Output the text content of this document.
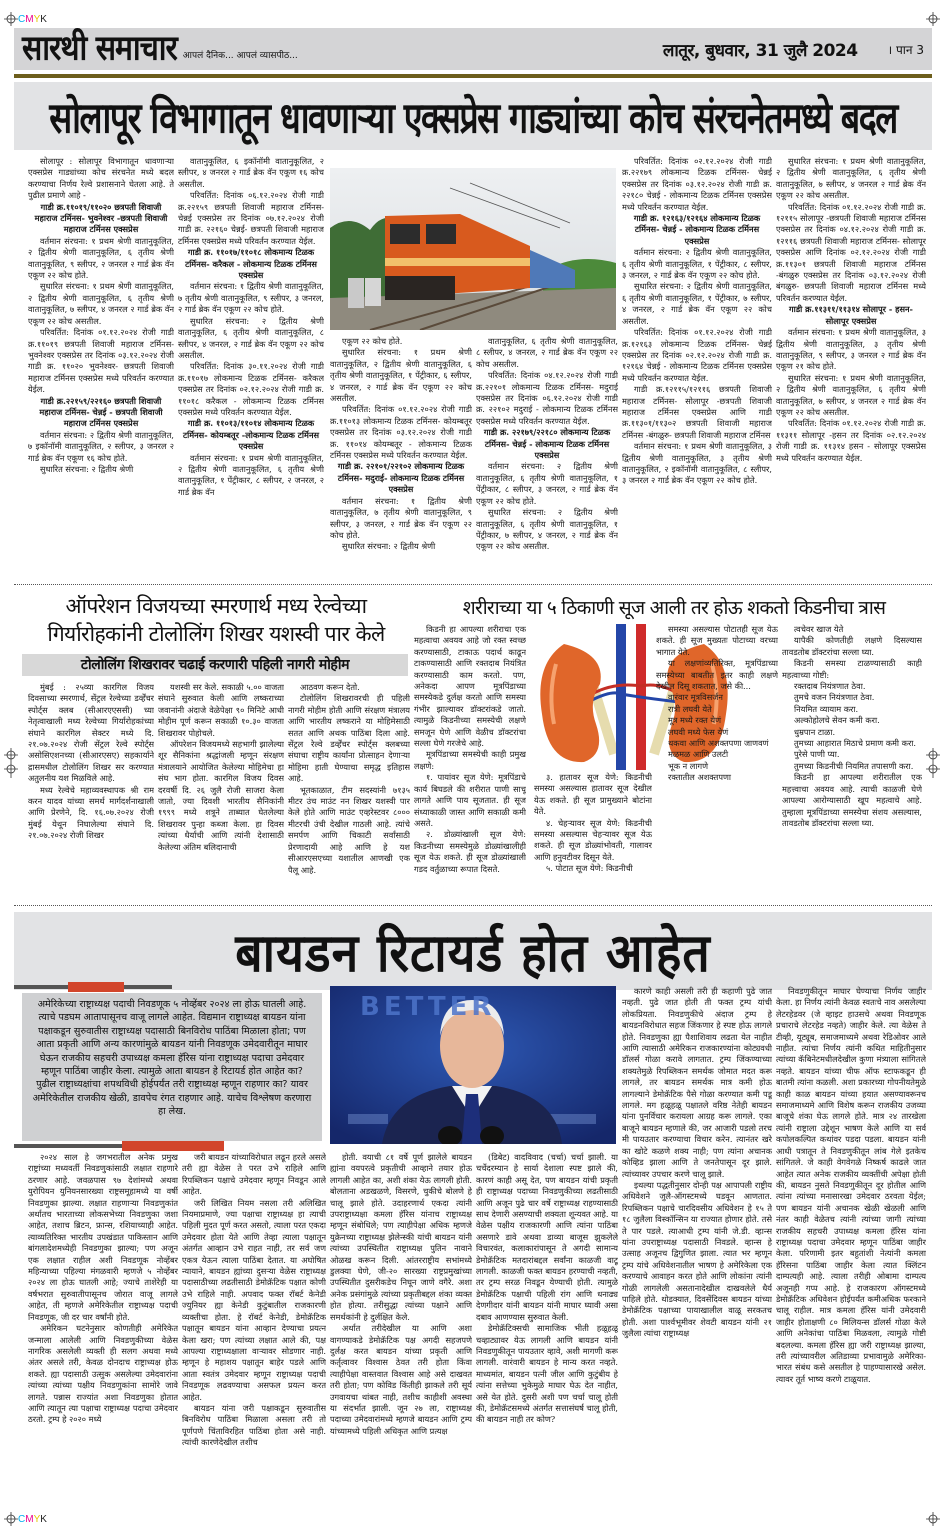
CMYK
CMYK
सारथी समाचार आपलं दैनिक... आपलं व्यासपीठ...	लातूर, बुधवार, 31 जुलै 2024	। पान 3
सोलापूर विभागातून धावणाऱ्या एक्सप्रेस गाड्यांच्या कोच संरचनेतमध्ये बदल

सोलापूर : सोलापूर विभागातून धावणाऱ्या एक्सप्रेस गाड्यांच्या कोच संरचनेत मध्ये बदल करण्याचा निर्णय रेल्वे प्रशासनाने घेतला आहे. ते पुढील प्रमाणे आहे -

गाडी क्र.११०१९/११०२० छत्रपती शिवाजी महाराज टर्मिनस- भुवनेश्वर -छत्रपती शिवाजी महाराज टर्मिनस एक्सप्रेस

वर्तमान संरचना: १ प्रथम श्रेणी वातानुकूलित, २ द्वितीय श्रेणी वातानुकूलित, ६ तृतीय श्रेणी वातानुकूलित, ९ स्लीपर, २ जनरल २ गार्ड ब्रेक वॅन एकूण २२ कोच होते.

सुधारित संरचना: १ प्रथम श्रेणी वातानुकूलित, २ द्वितीय श्रेणी वातानुकूलित, ६ तृतीय श्रेणी वातानुकूलित, ७ स्लीपर, ४ जनरल २ गार्ड ब्रेक वॅन एकूण २२ कोच असतील.

परिवर्तित: दिनांक ०१.१२.२०२४ रोजी गाडी क्र.११०१९ छत्रपती शिवाजी महाराज टर्मिनस- भुवनेश्वर एक्सप्रेस तर दिनांक ०३.१२.२०२४ रोजी गाडी क्र. ११०२० भुवनेश्वर- छत्रपती शिवाजी महाराज टर्मिनस एक्सप्रेस मध्ये परिवर्तन करण्यात येईल.

गाडी क्र.२२१५९/२२१६० छत्रपती शिवाजी महाराज टर्मिनस- चेन्नई - छत्रपती शिवाजी महाराज टर्मिनस एक्सप्रेस

वर्तमान संरचना: २ द्वितीय श्रेणी वातानुकूलित, ७ इकॉनॉमी वातानुकूलित, २ स्लीपर, ३ जनरल २ गार्ड ब्रेक वॅन एकूण १६ कोच होते.

सुधारित संरचना: २ द्वितीय श्रेणी

वातानुकूलित, ६ इकॉनॉमी वातानुकूलित, २ स्लीपर, ४ जनरल २ गार्ड ब्रेक वॅन एकूण १६ कोच असतील.

परिवर्तित: दिनांक ०६.१२.२०२४ रोजी गाडी क्र.२२१५९ छत्रपती शिवाजी महाराज टर्मिनस- चेन्नई एक्सप्रेस तर दिनांक ०७.१२.२०२४ रोजी गाडी क्र. २२१६० चेन्नई- छत्रपती शिवाजी महाराज टर्मिनस एक्सप्रेस मध्ये परिवर्तन करण्यात येईल.

गाडी क्र. ११०१७/११०१८ लोकमान्य टिळक टर्मिनस- करैकल - लोकमान्य टिळक टर्मिनस एक्सप्रेस

वर्तमान संरचना: १ द्वितीय श्रेणी वातानुकूलित, ७ तृतीय श्रेणी वातानुकूलित, ९ स्लीपर, ३ जनरल, २ गार्ड ब्रेक वॅन एकूण २२ कोच होते.

सुधारित संरचना: २ द्वितीय श्रेणी वातानुकूलित, ६ तृतीय श्रेणी वातानुकूलित, ८ स्लीपर, ४ जनरल, २ गार्ड ब्रेक वॅन एकूण २२ कोच असतील.

परिवर्तित: दिनांक ३०.११.२०२४ रोजी गाडी क्र.११०१७ लोकमान्य टिळक टर्मिनस- करैकल एक्सप्रेस तर दिनांक ०२.१२.२०२४ रोजी गाडी क्र. ११०१८ करैकल - लोकमान्य टिळक टर्मिनस एक्सप्रेस मध्ये परिवर्तन करण्यात येईल.

गाडी क्र. ११०१३/११०१४ लोकमान्य टिळक टर्मिनस- कोयम्बतूर -लोकमान्य टिळक टर्मिनस एक्सप्रेस

वर्तमान संरचना: १ प्रथम श्रेणी वातानुकूलित, २ द्वितीय श्रेणी वातानुकूलित, ६ तृतीय श्रेणी वातानुकूलित, १ पेंट्रीकार, ८ स्लीपर, २ जनरल, २ गार्ड ब्रेक वॅन

एकूण २२ कोच होते.

सुधारित संरचना: १ प्रथम श्रेणी वातानुकूलित, २ द्वितीय श्रेणी वातानुकूलित, ६ तृतीय श्रेणी वातानुकूलित, १ पेंट्रीकार, ६ स्लीपर, ४ जनरल, २ गार्ड ब्रेक वॅन एकूण २२ कोच असतील.

परिवर्तित: दिनांक ०१.१२.२०२४ रोजी गाडी क्र.११०१३ लोकमान्य टिळक टर्मिनस- कोयम्बतूर एक्सप्रेस तर दिनांक ०३.१२.२०२४ रोजी गाडी क्र. ११०१४ कोयम्बतूर - लोकमान्य टिळक टर्मिनस एक्सप्रेस मध्ये परिवर्तन करण्यात येईल.

गाडी क्र. २२१०१/२२१०२ लोकमान्य टिळक टर्मिनस- मदुराई- लोकमान्य टिळक टर्मिनस एक्सप्रेस

वर्तमान संरचना: १ द्वितीय श्रेणी वातानुकूलित, ७ तृतीय श्रेणी वातानुकूलित, ९ स्लीपर, ३ जनरल, २ गार्ड ब्रेक वॅन एकूण २२ कोच होते.

सुधारित संरचना: २ द्वितीय श्रेणी

वातानुकूलित, ६ तृतीय श्रेणी वातानुकूलित, ८ स्लीपर, ४ जनरल, २ गार्ड ब्रेक वॅन एकूण २२ कोच असतील.

परिवर्तित: दिनांक ०४.१२.२०२४ रोजी गाडी क्र.२२१०१ लोकमान्य टिळक टर्मिनस- मदुराई एक्सप्रेस तर दिनांक ०६.१२.२०२४ रोजी गाडी क्र. २२१०२ मदुराई - लोकमान्य टिळक टर्मिनस एक्सप्रेस मध्ये परिवर्तन करण्यात येईल.

गाडी क्र. २२१७९/२२१८० लोकमान्य टिळक टर्मिनस- चेन्नई - लोकमान्य टिळक टर्मिनस एक्सप्रेस

वर्तमान संरचना: २ द्वितीय श्रेणी वातानुकूलित, ६ तृतीय श्रेणी वातानुकूलित, १ पेंट्रीकार, ८ स्लीपर, ३ जनरल, २ गार्ड ब्रेक वॅन एकूण २२ कोच होते.

सुधारित संरचना: २ द्वितीय श्रेणी वातानुकूलित, ६ तृतीय श्रेणी वातानुकूलित, १ पेंट्रीकार, ७ स्लीपर, ४ जनरल, २ गार्ड ब्रेक वॅन एकूण २२ कोच असतील.

परिवर्तित: दिनांक ०२.१२.२०२४ रोजी गाडी क्र.२२१७९ लोकमान्य टिळक टर्मिनस- चेन्नई एक्सप्रेस तर दिनांक ०३.१२.२०२४ रोजी गाडी क्र. २२१८० चेन्नई - लोकमान्य टिळक टर्मिनस एक्सप्रेस मध्ये परिवर्तन करण्यात येईल.

गाडी क्र. १२१६३/१२१६४ लोकमान्य टिळक टर्मिनस- चेन्नई - लोकमान्य टिळक टर्मिनस एक्सप्रेस

वर्तमान संरचना: २ द्वितीय श्रेणी वातानुकूलित, ६ तृतीय श्रेणी वातानुकूलित, १ पेंट्रीकार, ८ स्लीपर, ३ जनरल, २ गार्ड ब्रेक वॅन एकूण २२ कोच होते.

सुधारित संरचना: २ द्वितीय श्रेणी वातानुकूलित, ६ तृतीय श्रेणी वातानुकूलित, १ पेंट्रीकार, ७ स्लीपर, ४ जनरल, २ गार्ड ब्रेक वॅन एकूण २२ कोच असतील.

परिवर्तित: दिनांक ०१.१२.२०२४ रोजी गाडी क्र.१२१६३ लोकमान्य टिळक टर्मिनस- चेन्नई एक्सप्रेस तर दिनांक ०२.१२.२०२४ रोजी गाडी क्र. १२१६४ चेन्नई - लोकमान्य टिळक टर्मिनस एक्सप्रेस मध्ये परिवर्तन करण्यात येईल.

गाडी क्र.१२११५/१२११६ छत्रपती शिवाजी महाराज टर्मिनस- सोलापूर -छत्रपती शिवाजी महाराज टर्मिनस एक्सप्रेस आणि गाडी क्र.११३०१/११३०२ छत्रपती शिवाजी महाराज टर्मिनस -बंगळुरु- छत्रपती शिवाजी महाराज टर्मिनस

वर्तमान संरचना: १ प्रथम श्रेणी वातानुकूलित, ३ द्वितीय श्रेणी वातानुकूलित, ३ तृतीय श्रेणी वातानुकूलित, २ इकॉनॉमी वातानुकूलित, ८ स्लीपर, ३ जनरल २ गार्ड ब्रेक वॅन एकूण २२ कोच होते.

सुधारित संरचना: १ प्रथम श्रेणी वातानुकूलित, २ द्वितीय श्रेणी वातानुकूलित, ६ तृतीय श्रेणी वातानुकूलित, ७ स्लीपर, ४ जनरल २ गार्ड ब्रेक वॅन एकूण २२ कोच असतील.

परिवर्तित: दिनांक ०१.१२.२०२४ रोजी गाडी क्र. १२११५ सोलापूर -छत्रपती शिवाजी महाराज टर्मिनस एक्सप्रेस तर दिनांक ०४.१२.२०२४ रोजी गाडी क्र. १२११६ छत्रपती शिवाजी महाराज टर्मिनस- सोलापूर एक्सप्रेस आणि दिनांक ०२.१२.२०२४ रोजी गाडी क्र.११३०१ छत्रपती शिवाजी महाराज टर्मिनस -बंगळुरु एक्सप्रेस तर दिनांक ०३.१२.२०२४ रोजी बंगळुरु- छत्रपती शिवाजी महाराज टर्मिनस मध्ये परिवर्तन करण्यात येईल.

गाडी क्र.११३११/११३१४ सोलापूर - हसन- सोलापूर एक्सप्रेस

वर्तमान संरचना: १ प्रथम श्रेणी वातानुकूलित, ३ द्वितीय श्रेणी वातानुकूलित, ३ तृतीय श्रेणी वातानुकूलित, ९ स्लीपर, ३ जनरल २ गार्ड ब्रेक वॅन एकूण २१ कोच होते.

सुधारित संरचना: १ प्रथम श्रेणी वातानुकूलित, २ द्वितीय श्रेणी वातानुकूलित, ६ तृतीय श्रेणी वातानुकूलित, ७ स्लीपर, ४ जनरल २ गार्ड ब्रेक वॅन एकूण २२ कोच असतील.

परिवर्तित: दिनांक ०१.१२.२०२४ रोजी गाडी क्र. ११३११ सोलापूर -हसन तर दिनांक ०२.१२.२०२४ रोजी गाडी क्र. ११३१४ हसन - सोलापूर एक्सप्रेस मध्ये परिवर्तन करण्यात येईल.

ऑपरेशन विजयच्या स्मरणार्थ मध्य रेल्वेच्या
गिर्यारोहकांनी टोलोलिंग शिखर यशस्वी पार केले
टोलोलिंग शिखरावर चढाई करणारी पहिली नागरी मोहीम

मुंबई : २५व्या कारगिल विजय दिवसाच्या स्मरणार्थ, सेंट्रल रेल्वेच्या डर्व्हेंचर स्पोर्ट्स क्लब (सीआरएएससी) च्या नेतृत्वाखाली मध्य रेल्वेच्या गिर्यारोहकांच्या संघाने कारगिल सेक्टर मध्ये दि. २१.०७.२०२४ रोजी सेंट्रल रेल्वे स्पोर्ट्स असोसिएशनच्या (सीआरएसए) सहकार्याने द्रासमधील टोलोलिंग शिखर सर करण्यात अतुलनीय यश मिळविले आहे.

मध्य रेल्वेचे महाव्यवस्थापक श्री राम करन यादव यांच्या समर्थ मार्गदर्शनाखाली आणि प्रेरणेने, दि. १६.०७.२०२४ रोजी मुंबई येथून निघालेल्या संघाने दि. २१.०७.२०२४ रोजी शिखर

यशस्वी सर केले. सकाळी ५.०० वाजता संघाने सुरुवात केली आणि लष्कराच्या जवानांनी अंदाजे वेळेपेक्षा ९० मिनिटे आधी मोहीम पूर्ण करून सकाळी १०.३० वाजता शिखरावर पोहोचले.

ऑपरेशन विजयमध्ये सहभागी झालेल्या शूर सैनिकांना श्रद्धांजली म्हणून संरक्षण मंत्रालयाने आयोजित केलेल्या मोहिमेचा हा संघ भाग होता. कारगिल विजय दिवस दरवर्षी दि. २६ जुलै रोजी साजरा केला जातो, ज्या दिवशी भारतीय सैनिकांनी १९९९ मध्ये शत्रूने ताब्यात घेतलेल्या शिखरावर पुन्हा कब्जा केला. हा दिवस त्यांच्या धैर्याची आणि त्यांनी देशासाठी केलेल्या अंतिम बलिदानाची

आठवण करून देतो.

टोलोलिंग शिखरावरची ही पहिली नागरी मोहीम होती आणि संरक्षण मंत्रालय आणि भारतीय लष्कराने या मोहिमेसाठी सतत आणि अथक पाठिंबा दिला आहे. सेंट्रल रेल्वे डर्व्हेंचर स्पोर्ट्स क्लबच्या संघाचा राष्ट्रीय कार्यांना प्रोत्साहन देणाऱ्या मोहिमा हाती घेण्याचा समृद्ध इतिहास आहे.

भूतकाळात, टीम सदस्यांनी ७१३५ मीटर उंच माउंट नन शिखर यशस्वी पार केले होते आणि माउंट एव्हरेस्टवर ८००० मीटरची उंची देखील गाठली आहे. त्यांचे समर्पण आणि चिकाटी सर्वांसाठी प्रेरणादायी आहे आणि हे यश सीआरएसएच्या यशातील आणखी एक पैलू आहे.

शरीराच्या या ५ ठिकाणी सूज आली तर होऊ शकतो किडनीचा त्रास

किडनी हा आपल्या शरीराचा एक महत्वाचा अवयव आहे जो रक्त स्वच्छ करण्यासाठी, टाकाऊ पदार्थ काढून टाकण्यासाठी आणि रक्तदाब नियंत्रित करण्यासाठी काम करतो. पण, अनेकदा आपण मूत्रपिंडाच्या समस्येकडे दुर्लक्ष करतो आणि समस्या गंभीर झाल्यावर डॉक्टरांकडे जातो. त्यामुळे किडनीच्या समस्येची लक्षणे समजून घेणे आणि वेळीच डॉक्टरांचा सल्ला घेणे गरजेचे आहे.

मूत्रपिंडाच्या समस्येची काही प्रमुख लक्षणे:

१. पायांवर सूज येणे: मूत्रपिंडाचे कार्य बिघडले की शरीरात पाणी साचू लागते आणि पाय सूजतात. ही सूज संध्याकाळी जास्त आणि सकाळी कमी असते.

२. डोळ्यांखाली सूज येणे: किडनीच्या समस्येमुळे डोळ्यांखालीही सूज येऊ शकते. ही सूज डोळ्यांखाली गडद वर्तुळाच्या रूपात दिसते.

३. हातावर सूज येणे: किडनीची समस्या असल्यास हातावर सूज देखील येऊ शकते. ही सूज प्रामुख्याने बोटांना येते.

४. चेहऱ्यावर सूज येणे: किडनीची समस्या असल्यास चेहऱ्यावर सूज येऊ शकते. ही सूज डोळ्यांभोवती, गालावर आणि हनुवटीवर दिसून येते.

५. पोटात सूज येणे: किडनीची

समस्या असल्यास पोटातही सूज येऊ शकते. ही सूज मुख्यतः पोटाच्या वरच्या भागात येते.

या लक्षणांव्यतिरिक्त, मूत्रपिंडाच्या समस्येच्या बाबतीत इतर काही लक्षणे देखील दिसू शकतात, जसे की...

वारंवार मूत्रविसर्जन

रात्री लघवी येते

मूत्र मध्ये रक्त येणं

लघवी मध्ये फेस येणं

थकवा आणि अशक्तपणा जाणवणं

मळमळ आणि उलटी

भूक न लागणे

रक्तातील अशक्तपणा

त्वचेवर खाज येते

यापैकी कोणतीही लक्षणे दिसल्यास तावडतोब डॉक्टरांचा सल्ला घ्या.

किडनी समस्या टाळण्यासाठी काही महत्वाच्या गोष्टी:

रक्तदाब नियंत्रणात ठेवा.

तुमचे वजन नियंत्रणात ठेवा.

नियमित व्यायाम करा.

अल्कोहोलचे सेवन कमी करा.

धुम्रपान टाळा.

तुमच्या आहारात मिठाचे प्रमाण कमी करा.

पुरेसे पाणी प्या.

तुमच्या किडनीची नियमित तपासणी करा.

किडनी हा आपल्या शरीरातील एक महत्त्वाचा अवयव आहे. त्याची काळजी घेणे आपल्या आरोग्यासाठी खूप महत्वाचे आहे. तुम्हाला मूत्रपिंडाच्या समस्येचा संशय असल्यास, तावडतोब डॉक्टरांचा सल्ला घ्या.

बायडन रिटायर्ड होत आहेत
अमेरिकेच्या राष्ट्राध्यक्ष पदाची निवडणूक ५ नोव्हेंबर २०२४ ला होऊ घातली आहे. त्याचे पडघम आतापासूनच वाजू लागले आहेत. विद्यमान राष्ट्राध्यक्ष बायडन यांना पक्षाकडून सुरुवातीस राष्ट्राध्यक्ष पदासाठी बिनविरोध पाठिंबा मिळाला होता; पण आता प्रकृती आणि अन्य कारणांमुळे बायडन यांनी निवडणूक उमेदवारीतून माघार घेऊन राजकीय सहचरी उपाध्यक्ष कमला हॅरिस यांना राष्ट्राध्यक्ष पदाचा उमेदवार म्हणून पाठिंबा जाहीर केला. त्यामुळे आता बायडन हे रिटायर्ड होत आहेत का? पुढील राष्ट्राध्यक्षांचा शपथविधी होईपर्यंत तरी राष्ट्राध्यक्ष म्हणून राहणार का? यावर अमेरिकेतील राजकीय खेळी, डावपेच रंगत राहणार आहे. याचेच विश्लेषण करणारा हा लेख.
BETTER

२०२४ साल हे जगभरातील अनेक प्रमुख राष्ट्रांच्या मध्यवर्ती निवडणुकांसाठी लक्षात राहणारे ठरणार आहे. जवळपास ९७ देशांमध्ये अथवा युरोपियन युनियनसारख्या राष्ट्रसमूहामध्ये या वर्षी निवडणुका झाल्या. लक्षात राहणाऱ्या निवडणुकांत अर्थातच भारताच्या लोकसभेच्या निवडणुका जशा आहेत, तशाच ब्रिटन, फ्रान्स, रशियाच्याही आहेत. त्याव्यतिरिक्त भारतीय उपखंडात पाकिस्तान आणि बांगलादेशमध्येही निवडणुका झाल्या; पण अजून एक लक्षात राहील अशी निवडणूक नोव्हेंबर महिन्याच्या पहिल्या मंगळवारी म्हणजे ५ नोव्हेंबर २०२४ ला होऊ घातली आहे; ज्याचे ताशेरेही या वर्षभरात सुरुवातीपासूनच जोरात वाजू लागले आहेत, ती म्हणजे अमेरिकेतील राष्ट्राध्यक्ष पदाची निवडणूक, जी दर चार वर्षांनी होते.

अमेरिकन घटनेनुसार कोणतीही अमेरिकेत जन्माला आलेली आणि निवडणुकीच्या वेळेस नागरिक असलेली व्यक्ती ही सलग अथवा मध्ये अंतर असले तरी, केवळ दोनदाच राष्ट्राध्यक्ष होऊ शकते. ह्या पदासाठी उत्सुक असलेल्या उमेदवारांना त्यांच्या त्यांच्या पक्षीय निवडणुकांना सामोरे जावे लागते. पन्नास राज्यांत अशा निवडणुका होतात आणि त्यातून त्या पक्षाचा राष्ट्राध्यक्ष पदाचा उमेदवार ठरतो. ट्रम्प हे २०२० मध्ये

जरी बायडन यांच्याविरोधात लढून हरले असले तरी ह्या वेळेस ते परत उभे राहिले आणि रिपब्लिकन पक्षाचे उमेदवार म्हणून निवडून आले आहेत.

जरी लिखित नियम नसला तरी अलिखित नियमाप्रमाणे, ज्या पक्षाचा राष्ट्राध्यक्ष हा त्याची पहिली मुदत पूर्ण करत असतो, त्याला परत एकदा उमेदवार होता येते आणि तेव्हा त्याला पक्षातून अंतर्गत आव्हान उभे राहत नाही, तर सर्व जण एकत्र येऊन त्याला पाठिंबा देतात. या अघोषित न्यायाने, बायडन ह्यांच्या दुसऱ्या वेळेस राष्ट्राध्यक्ष पदासाठीच्या लढतीसाठी डेमोक्रॅटिक पक्षात कोणी उभे राहिले नाही. अपवाद फक्त रॉबर्ट केनेडी ज्युनियर ह्या केनेडी कुटुंबातील राजकारणी व्यक्तीचा होता. हे रॉबर्ट केनेडी, डेमोक्रॅटिक पक्षातून बायडन यांना आव्हान देण्याचा प्रयत्न केला खरा; पण त्यांच्या लक्षात आले की, पक्ष आपल्या राष्ट्राध्यक्षाला वाऱ्यावर सोडणार नाही. म्हणून हे महाशय पक्षातून बाहेर पडले आणि आता स्वतंत्र उमेदवार म्हणून राष्ट्राध्यक्ष पदाची निवडणूक लढवण्याचा असफल प्रयत्न करत आहेत.

बायडन यांना जरी पक्षाकडून सुरुवातीस बिनविरोध पाठिंबा मिळाला असला तरी तो पूर्णपणे चिंताविरहित पाठिंबा होता असे नाही. त्यांची कारणेदेखील तशीच

होती. वयाची ८१ वर्षे पूर्ण झालेले बायडन ह्यांना वयपरत्वे प्रकृतीची आव्हाने तयार होऊ लागली आहेत का, अशी शंका येऊ लागली होती. बोलताना अडखळणे, विसरणे, चुकीचे बोलणे हे चालू झाले होते. उदाहरणार्थ एकदा त्यांनी उपराष्ट्राध्यक्षा कमला हॅरिस यांनाच राष्ट्राध्यक्ष म्हणून संबोधिले; पण त्याहीपेक्षा अधिक म्हणजे युक्रेनच्या राष्ट्राध्यक्ष झेलेन्स्की यांची बायडन यांनी त्यांच्या उपस्थितीत राष्ट्राध्यक्ष पुतिन नावाने ओळख करून दिली. आंतरराष्ट्रीय सभांमध्ये डुलक्या घेणे, जी-२० सारख्या राष्ट्रप्रमुखांच्या उपस्थितीत दुसरीकडेच निघून जाणे वगैरे. अशा अनेक प्रसंगांमुळे त्यांच्या प्रकृतीबद्दल शंका व्यक्त होत होत्या. तरीसुद्धा त्यांच्या पक्षाने आणि समर्थकांनी हे दुर्लक्षित केले.

अर्थात तरीदेखील या आणि अशा वागण्याकडे डेमोक्रॅटिक पक्ष अगदी सहजपणे दुर्लक्ष करत बायडन यांच्या प्रकृती आणि कर्तृत्वावर विश्वास ठेवत तरी होता किंवा त्याहीपेक्षा वास्तवात विश्वास आहे असे दाखवत तरी होता; पण कोविड किंतीही झाकले तरी सूर्य उगवायचा थांबत नाही, तशीच काहीशी अवस्था या संदर्भात झाली. जून २७ ला, राष्ट्राध्यक्ष पदाच्या उमेदवारांमध्ये म्हणजे बायडन आणि ट्रम्प यांच्यामध्ये पहिली अधिकृत आणि प्रत्यक्ष

(डिबेट) वादविवाद (चर्चा) चर्चा झाली. या चर्चेदरम्यान हे सार्या देशाला स्पष्ट झाले की, कारणं काही असू देत, पण बायडन यांची प्रकृती ही राष्ट्राध्यक्ष पदाच्या निवडणुकीच्या लढतीसाठी आणि अजून पुढे चार वर्षे राष्ट्राध्यक्ष राहण्यासाठी साथ देणारी असण्याची शक्यता शून्यवत आहे. या वेळेस पक्षीय राजकारणी आणि त्यांना पाठिंबा असणारे डावे अथवा डाव्या बाजूस झुकलेले विचारवंत, कलाकारांपासून ते अगदी सामान्य डेमोक्रॅटिक मतदारांबद्दल सर्वांना काळजी वाटू लागली. काळजी फक्त बायडन हरण्याची नव्हती, तर ट्रम्प सरळ निवडून येण्याची होती. त्यामुळे डेमोक्रॅटिक पक्षाची पहिली रांग आणि धनाढ्य देणगीदार यांनी बायडन यांनी माघार घ्यावी असा दबाव आणण्यास सुरुवात केली.

डेमोक्रॅटिक्सची सामाजिक भीती हळूहळू चव्हाट्यावर येऊ लागली आणि बायडन यांनी निवडणुकीतून पायउतार व्हावे, अशी मागणी करू लागली. वारंवारी बायडन हे मान्य करत नव्हते. माध्यमांत, बायडन पत्नी जील आणि कुटुंबीय हे त्यांना सत्तेच्या भुकेमुळे माघार घेऊ देत नाहीत, असे येत होते. दुसरी अशी पण चर्चा चालू होती की, डेमोक्रॅटसमध्ये अंतर्गत सत्तासंघर्ष चालू होती, की बायडन नाही तर कोण?

कारणे काही असली तरी ही कहाणी पुढे जात नव्हती. पुढे जात होती ती फक्त ट्रम्प यांची लोकप्रियता. निवडणुकीचे अंदाज ट्रम्प हे बायडनविरोधात सहज जिंकणार हे स्पष्ट होऊ लागले होते. निवडणुका ह्या पैशाशिवाय लढता येत नाहीत आणि त्यासाठी अमेरिकन राजकारण्यांना कोट्यवधी डॉलर्स गोळा करावे लागतात. ट्रम्प जिंकण्याच्या शक्यतेमुळे रिपब्लिकन समर्थक जोमात मदत करू लागले, तर बायडन समर्थक मात्र कमी होऊ लागल्याने डेमोक्रॅटिक पैसे गोळा करण्यात कमी पडू लागले. मग हळूहळू पक्षातले वरिष्ठ नेतेही बायडन यांना पुनर्विचार करायला आग्रह करू लागले. एका बाजूने बायडन म्हणाले की, जर आजारी पडलो तरच मी पायउतार करण्याचा विचार करेन. त्यानंतर खरे का खोटे कळणे शक्य नाही; पण त्यांना अचानक कोव्हिड झाला आणि ते जनतेपासून दूर झाले. त्यांच्यावर उपचार करणे चालू झाले.

इथल्या पद्धतीनुसार दोन्ही पक्ष आपापली राष्ट्रीय अधिवेशने जुलै-ऑगस्टमध्ये घडवून आणतात. रिपब्लिकन पक्षाचे चारदिवसीय अधिवेशन हे १५ ते १८ जुलैला विस्कॉन्सिन या राज्यात होणार होते. तसे ते पार पडले. त्याआधी ट्रम्प यांनी जे.डी. व्हान्स यांना उपराष्ट्राध्यक्ष पदासाठी निवडले. व्हान्स हे उत्साह अजूनच द्विगुणित झाला. त्यात भर म्हणून ट्रम्प यांचे अधिवेशनातील भाषण हे अमेरिकेला एक करण्याचे आवाहन करत होते आणि लोकांना त्यांनी गोळी लागलेली असतानादेखील दाखवलेले धैर्य पाहिले होते. थोडक्यात, दिवसेंदिवस बायडन यांच्या डेमोक्रॅटिक पक्षाच्या पायाखालील वाळू सरकतच होती. अशा पार्श्वभूमीवर शेवटी बायडन यांनी २१ जुलैला त्यांचा राष्ट्राध्यक्ष

निवडणुकीतून माघार घेण्याचा निर्णय जाहीर केला. हा निर्णय त्यांनी केवळ स्वतःचे नाव असलेल्या लेटरहेडवर (जे व्हाइट हाउसचे अथवा निवडणूक प्रचाराचे लेटरहेड नव्हते) जाहीर केले. त्या वेळेस ते टीव्ही, यूट्यूब, समाजमाध्यमे अथवा रेडिओवर आले नाहीत. त्यांचा निर्णय त्यांनी कथित माहितीनुसार त्यांच्या कॅबिनेटमधीलदेखील कुणा मंत्र्याला सांगितले नव्हते. बायडन यांच्या चीफ ऑफ स्टाफकडून ही बातमी त्यांना कळली. अशा प्रकारच्या गोपनीयतेमुळे काही काळ बायडन यांच्या हयात असण्यावरूनच समाजमाध्यमे आणि विशेष करून राजकीय उजव्या बाजूचे शंका घेऊ लागले होते. मात्र २४ तारखेला त्यांनी राष्ट्राला उद्देशून भाषण केले आणि या सर्व कपोलकल्पित कथांवर पडदा पडला. बायडन यांनी आधी पत्रातून ते निवडणुकीतून लांब गेले इतकेच सांगितले. जे काही वेगवेगळे निष्कर्ष काढले जात आहेत त्यात अनेक राजकीय व्यक्तींची अपेक्षा होती की, बायडन नुसते निवडणुकीतून दूर होतील आणि त्यांना त्यांच्या मनासारखा उमेदवार ठरवता येईल; पण बायडन यांनी अचानक खेळी खेळली आणि नंतर काही वेळेतच त्यांनी त्यांच्या जागी त्यांच्या राजकीय सहचरी उपाध्यक्ष कमला हॅरिस यांना राष्ट्राध्यक्ष पदाचा उमेदवार म्हणून पाठिंबा जाहीर केला. परिणामी इतर बहुतांशी नेत्यांनी कमला हॅरिसना पाठिंबा जाहीर केला त्यात क्लिंटन दाम्पत्यही आहे. त्याला तरीही ओबामा दाम्पत्य अजूनही गप्प आहे. हे राजकारण ऑगस्टमध्ये डेमोक्रॅटिक अधिवेशन होईपर्यंत कमीअधिक फरकाने चालू राहील. मात्र कमला हॅरिस यांनी उमेदवारी जाहीर होताक्षणी ८० मिलियन्स डॉलर्स गोळा केले आणि अनेकांचा पाठिंबा मिळवला, त्यामुळे गोष्टी बदलल्या. कमला हॅरिस ह्या जरी राष्ट्राध्यक्ष झाल्या, तरी त्यांच्यावरील अतिडाव्या प्रभावामुळे अमेरिका-भारत संबंध कसे असतील हे पाहण्यासारखे असेल. त्यावर तूर्त भाष्य करणे टाळूयात.
